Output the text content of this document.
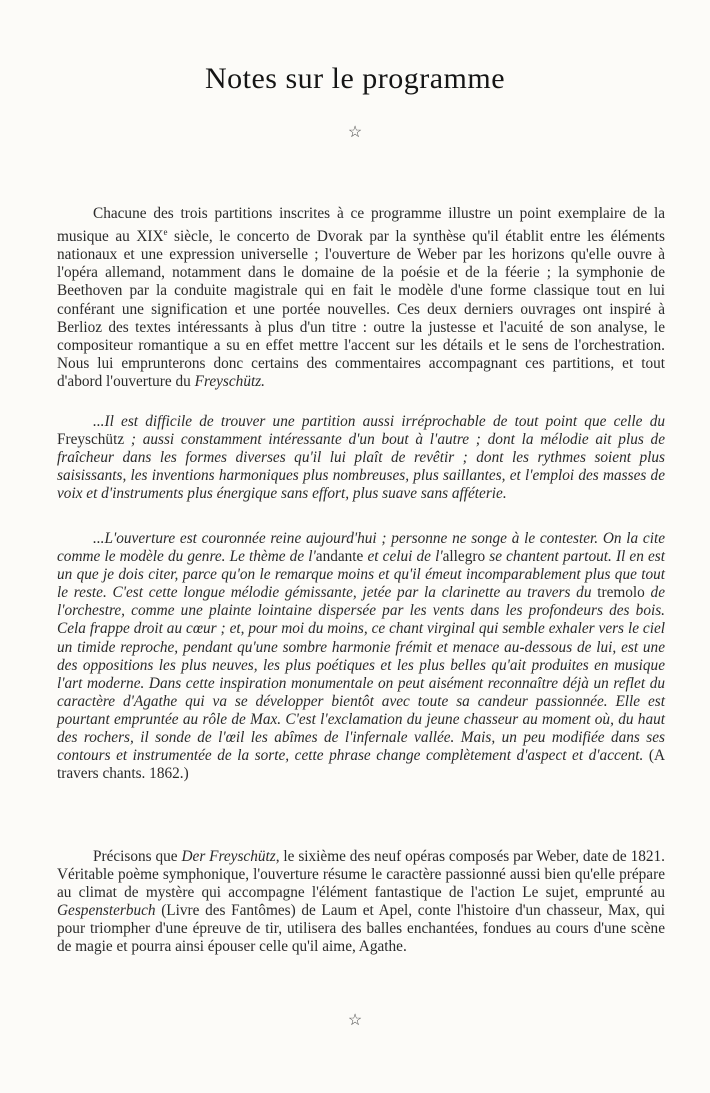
Notes sur le programme
☆

Chacune des trois partitions inscrites à ce programme illustre un point exemplaire de la musique au XIXe siècle, le concerto de Dvorak par la synthèse qu'il établit entre les éléments nationaux et une expression universelle ; l'ouverture de Weber par les horizons qu'elle ouvre à l'opéra allemand, notamment dans le domaine de la poésie et de la féerie ; la symphonie de Beethoven par la conduite magistrale qui en fait le modèle d'une forme classique tout en lui conférant une signification et une portée nouvelles. Ces deux derniers ouvrages ont inspiré à Berlioz des textes intéressants à plus d'un titre : outre la justesse et l'acuité de son analyse, le compositeur romantique a su en effet mettre l'accent sur les détails et le sens de l'orchestration. Nous lui emprunterons donc certains des commentaires accompagnant ces partitions, et tout d'abord l'ouverture du Freyschütz.

...Il est difficile de trouver une partition aussi irréprochable de tout point que celle du Freyschütz ; aussi constamment intéressante d'un bout à l'autre ; dont la mélodie ait plus de fraîcheur dans les formes diverses qu'il lui plaît de revêtir ; dont les rythmes soient plus saisissants, les inventions harmoniques plus nombreuses, plus saillantes, et l'emploi des masses de voix et d'instruments plus énergique sans effort, plus suave sans afféterie.

...L'ouverture est couronnée reine aujourd'hui ; personne ne songe à le contester. On la cite comme le modèle du genre. Le thème de l'andante et celui de l'allegro se chantent partout. Il en est un que je dois citer, parce qu'on le remarque moins et qu'il émeut incomparablement plus que tout le reste. C'est cette longue mélodie gémissante, jetée par la clarinette au travers du tremolo de l'orchestre, comme une plainte lointaine dispersée par les vents dans les profondeurs des bois. Cela frappe droit au cœur ; et, pour moi du moins, ce chant virginal qui semble exhaler vers le ciel un timide reproche, pendant qu'une sombre harmonie frémit et menace au-dessous de lui, est une des oppositions les plus neuves, les plus poétiques et les plus belles qu'ait produites en musique l'art moderne. Dans cette inspiration monumentale on peut aisément reconnaître déjà un reflet du caractère d'Agathe qui va se développer bientôt avec toute sa candeur passionnée. Elle est pourtant empruntée au rôle de Max. C'est l'exclamation du jeune chasseur au moment où, du haut des rochers, il sonde de l'œil les abîmes de l'infernale vallée. Mais, un peu modifiée dans ses contours et instrumentée de la sorte, cette phrase change complètement d'aspect et d'accent. (A travers chants. 1862.)

Précisons que Der Freyschütz, le sixième des neuf opéras composés par Weber, date de 1821. Véritable poème symphonique, l'ouverture résume le caractère passionné aussi bien qu'elle prépare au climat de mystère qui accompagne l'élément fantastique de l'action Le sujet, emprunté au Gespensterbuch (Livre des Fantômes) de Laum et Apel, conte l'histoire d'un chasseur, Max, qui pour triompher d'une épreuve de tir, utilisera des balles enchantées, fondues au cours d'une scène de magie et pourra ainsi épouser celle qu'il aime, Agathe.

☆
